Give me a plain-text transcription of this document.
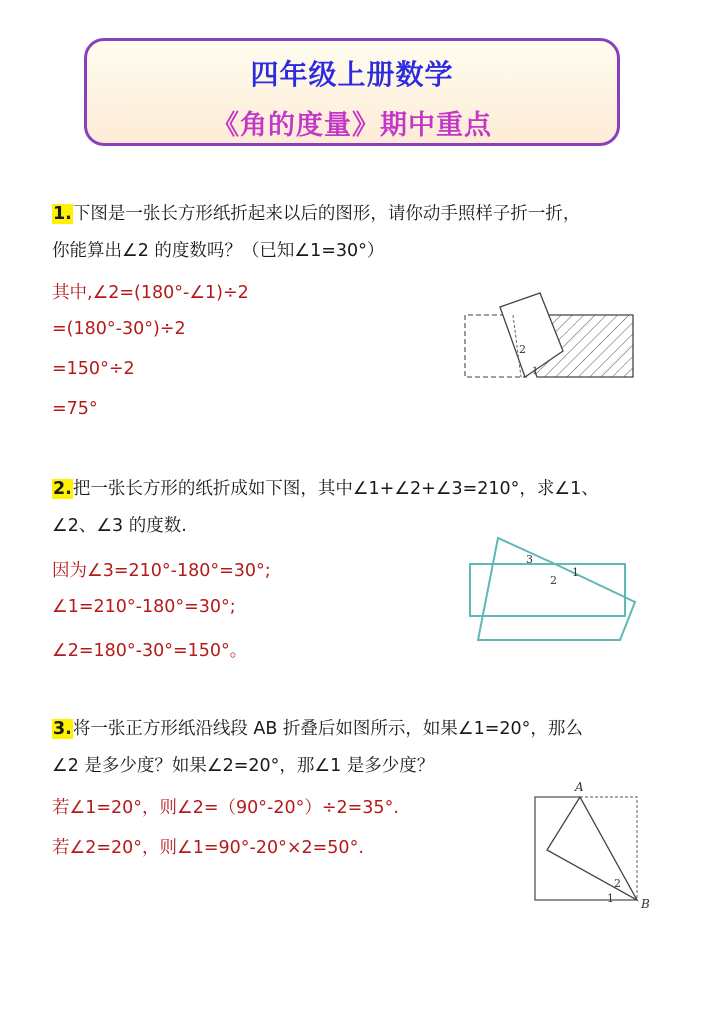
四年级上册数学
《角的度量》期中重点
1.下图是一张长方形纸折起来以后的图形，请你动手照样子折一折，
你能算出∠2 的度数吗？（已知∠1=30°）
其中,∠2=(180°-∠1)÷2
=(180°-30°)÷2
=150°÷2
=75°
2
1
2.把一张长方形的纸折成如下图，其中∠1+∠2+∠3=210°，求∠1、
∠2、∠3 的度数.
因为∠3=210°-180°=30°;
∠1=210°-180°=30°;
∠2=180°-30°=150°。
3
1
2
3.将一张正方形纸沿线段 AB 折叠后如图所示，如果∠1=20°，那么
∠2 是多少度？如果∠2=20°，那∠1 是多少度？
若∠1=20°，则∠2=（90°-20°）÷2=35°.
若∠2=20°，则∠1=90°-20°×2=50°.
A
2
1 B
